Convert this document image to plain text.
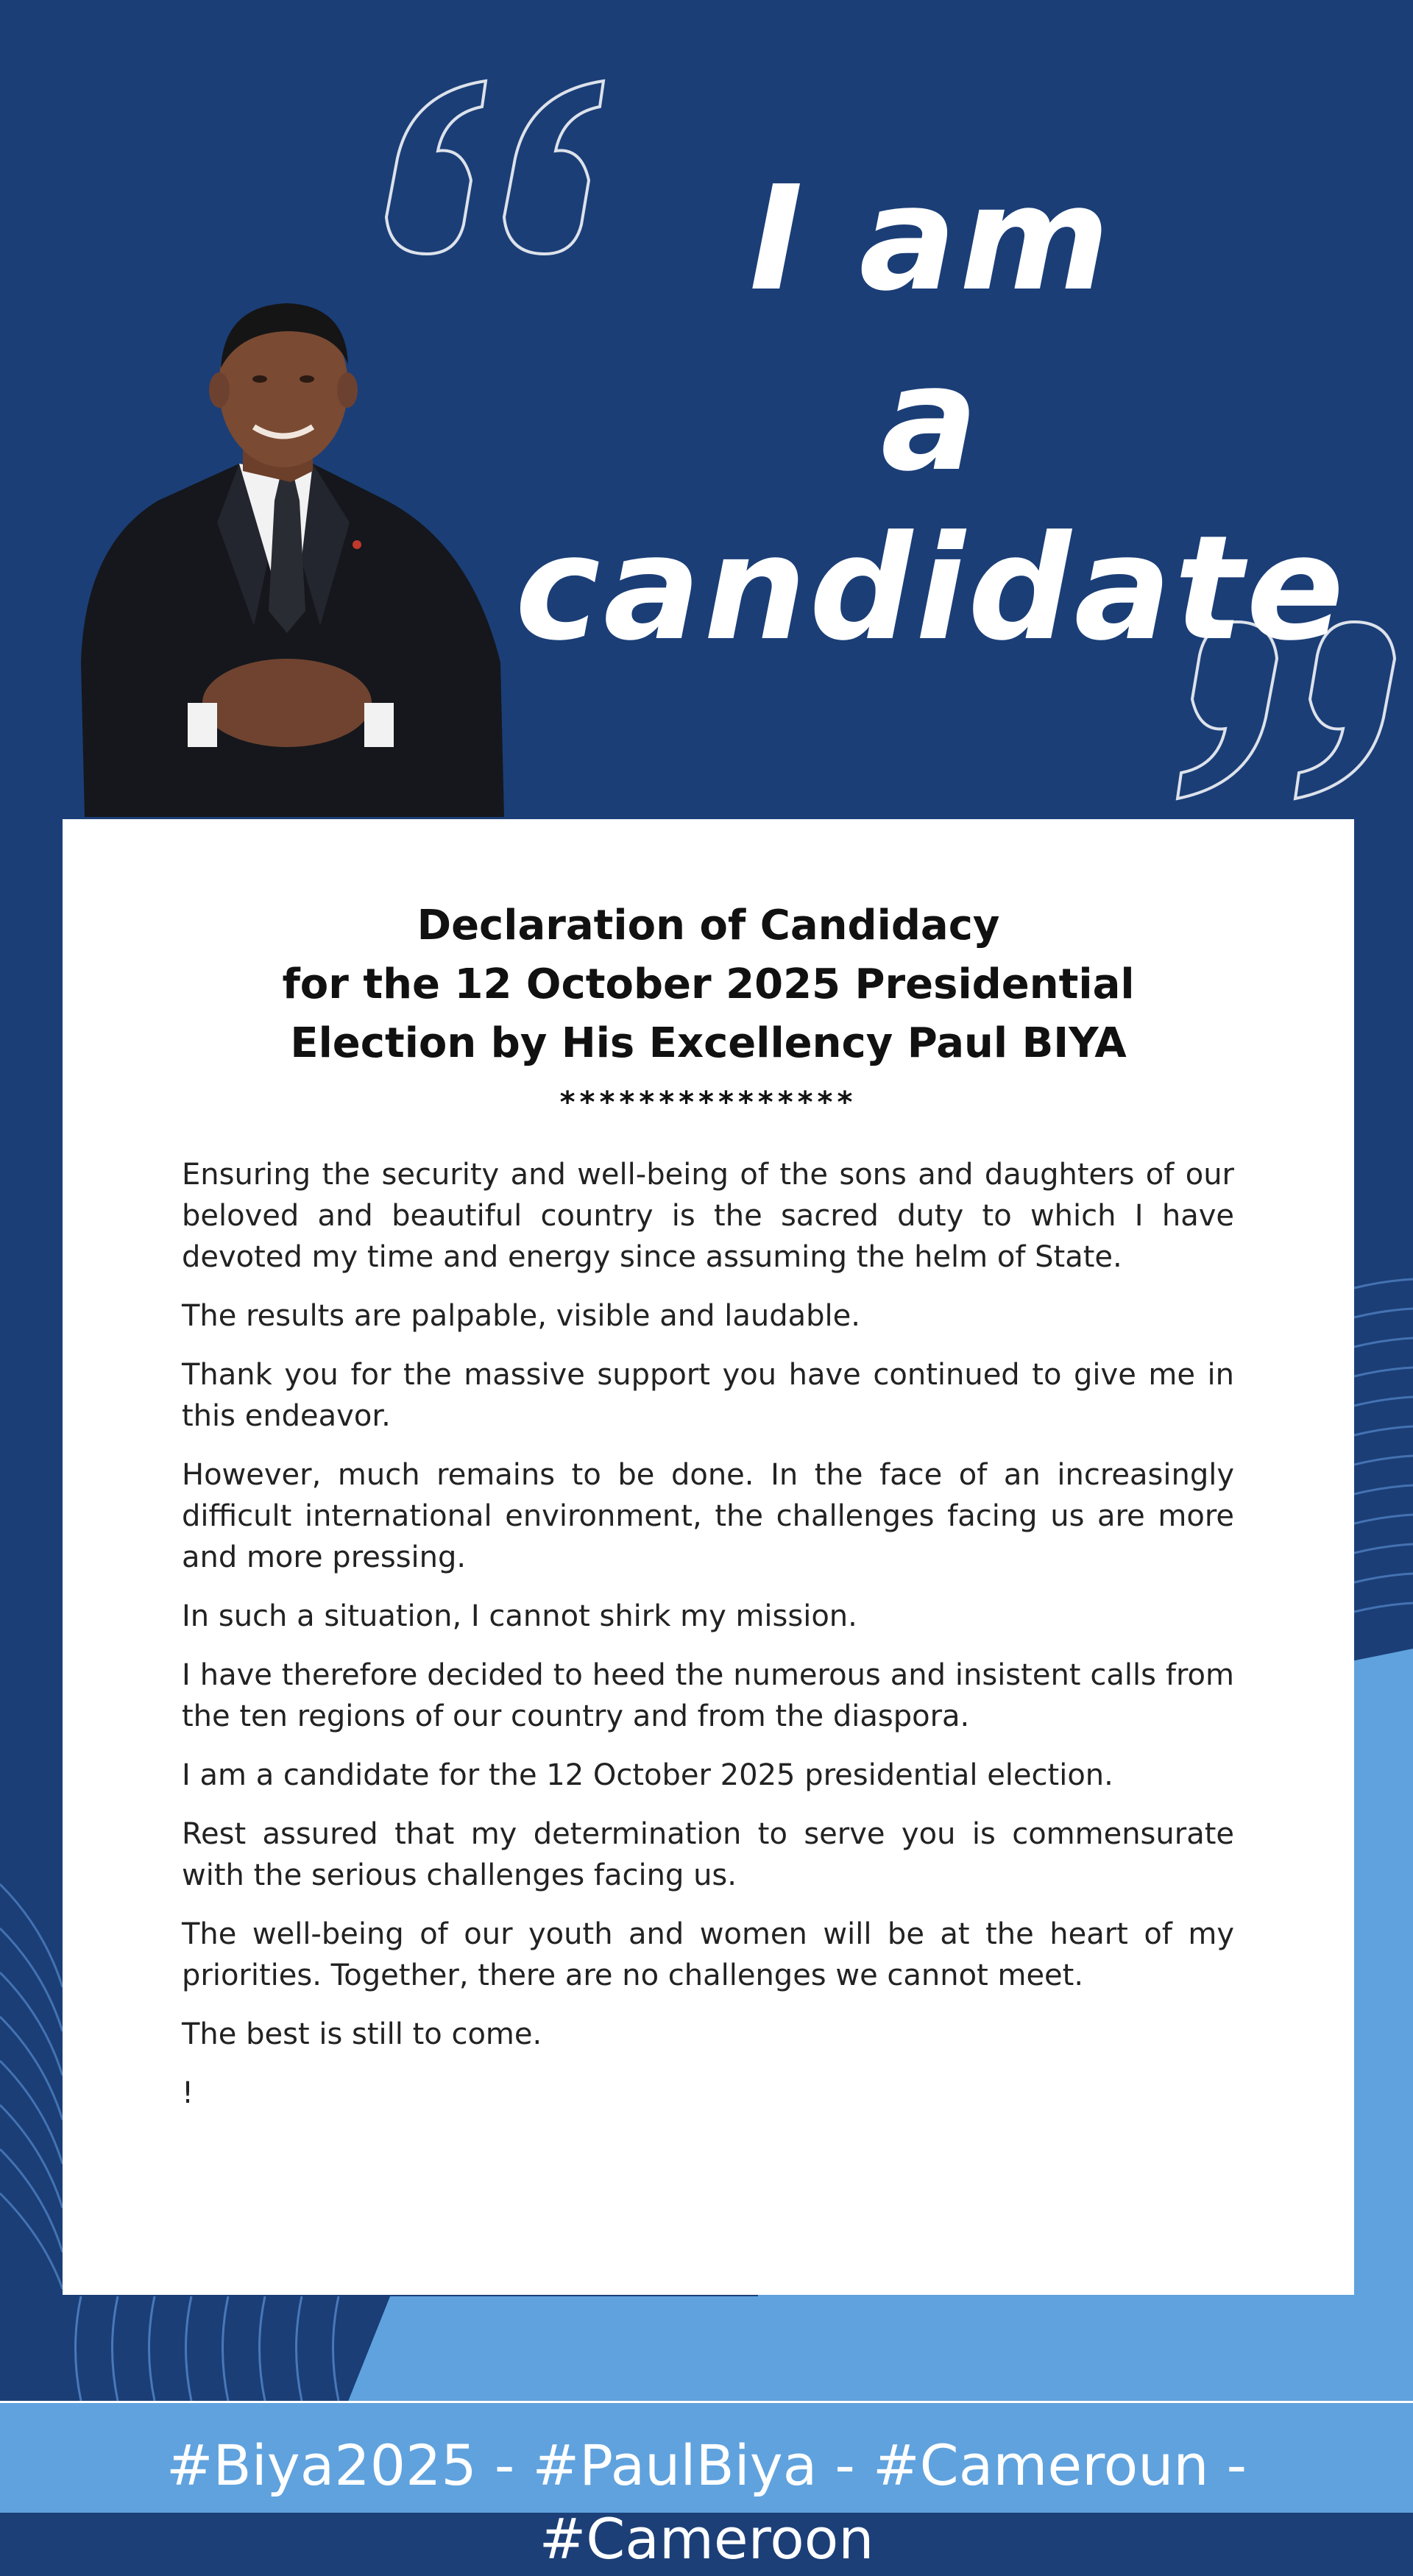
I am
a candidate
Declaration of Candidacy
for the 12 October 2025 Presidential
Election by His Excellency Paul BIYA
***************

Ensuring the security and well-being of the sons and daughters of our beloved and beautiful country is the sacred duty to which I have devoted my time and energy since assuming the helm of State.

The results are palpable, visible and laudable.

Thank you for the massive support you have continued to give me in this endeavor.

However, much remains to be done. In the face of an increasingly difficult international environment, the challenges facing us are more and more pressing.

In such a situation, I cannot shirk my mission.

I have therefore decided to heed the numerous and insistent calls from the ten regions of our country and from the diaspora.

I am a candidate for the 12 October 2025 presidential election.

Rest assured that my determination to serve you is commensurate with the serious challenges facing us.

The well-being of our youth and women will be at the heart of my priorities. Together, there are no challenges we cannot meet.

The best is still to come.

!

#Biya2025 - #PaulBiya - #Cameroun - #Cameroon
